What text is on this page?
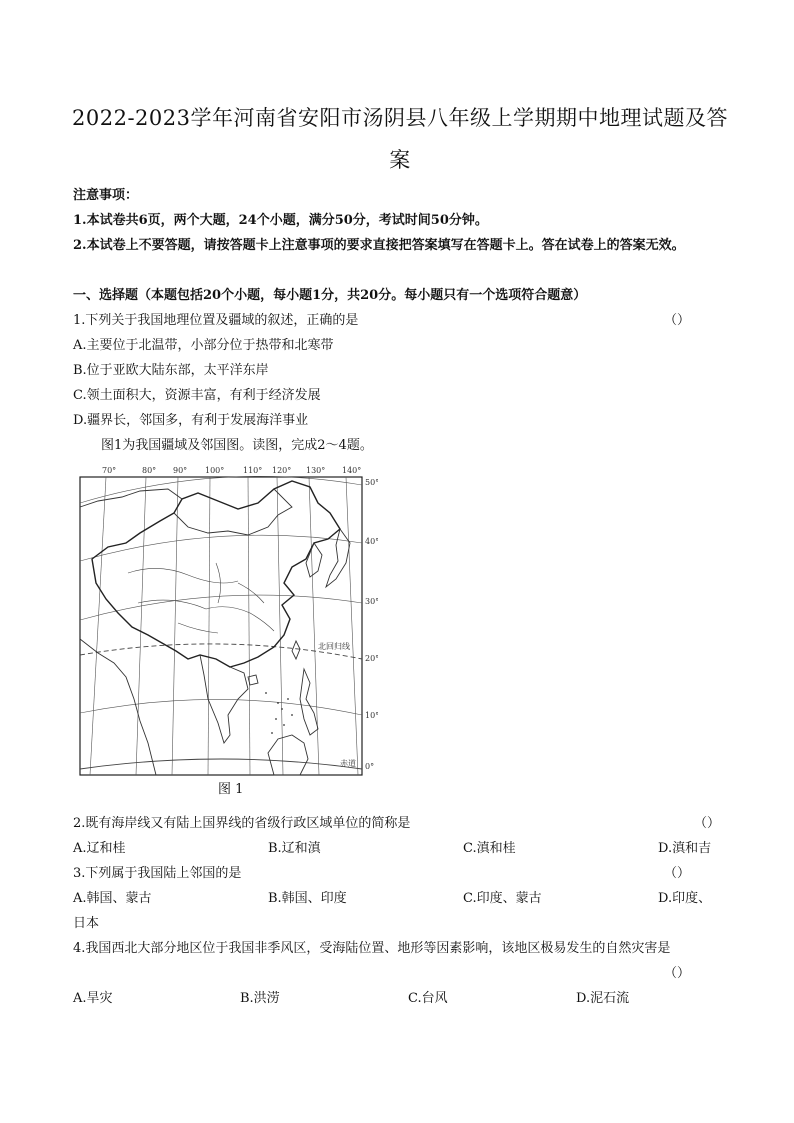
2022-2023学年河南省安阳市汤阴县八年级上学期期中地理试题及答
案
注意事项：
1.本试卷共6页，两个大题，24个小题，满分50分，考试时间50分钟。
2.本试卷上不要答题，请按答题卡上注意事项的要求直接把答案填写在答题卡上。答在试卷上的答案无效。
一、选择题（本题包括20个小题，每小题1分，共20分。每小题只有一个选项符合题意）
1.下列关于我国地理位置及疆域的叙述，正确的是	（）
A.主要位于北温带，小部分位于热带和北寒带
B.位于亚欧大陆东部，太平洋东岸
C.领土面积大，资源丰富，有利于经济发展
D.疆界长，邻国多，有利于发展海洋事业
图1为我国疆域及邻国图。读图，完成2～4题。
70°	80° 90° 100° 110° 120° 130° 140°
50°
40°
30°
20°
10°
0°
北回归线
赤道
图 1
2.既有海岸线又有陆上国界线的省级行政区域单位的简称是	（）
A.辽和桂	B.辽和滇	C.滇和桂	D.滇和吉
3.下列属于我国陆上邻国的是	（）
A.韩国、蒙古	B.韩国、印度	C.印度、蒙古	D.印度、
日本
4.我国西北大部分地区位于我国非季风区，受海陆位置、地形等因素影响，该地区极易发生的自然灾害是
（）
A.旱灾	B.洪涝	C.台风	D.泥石流
